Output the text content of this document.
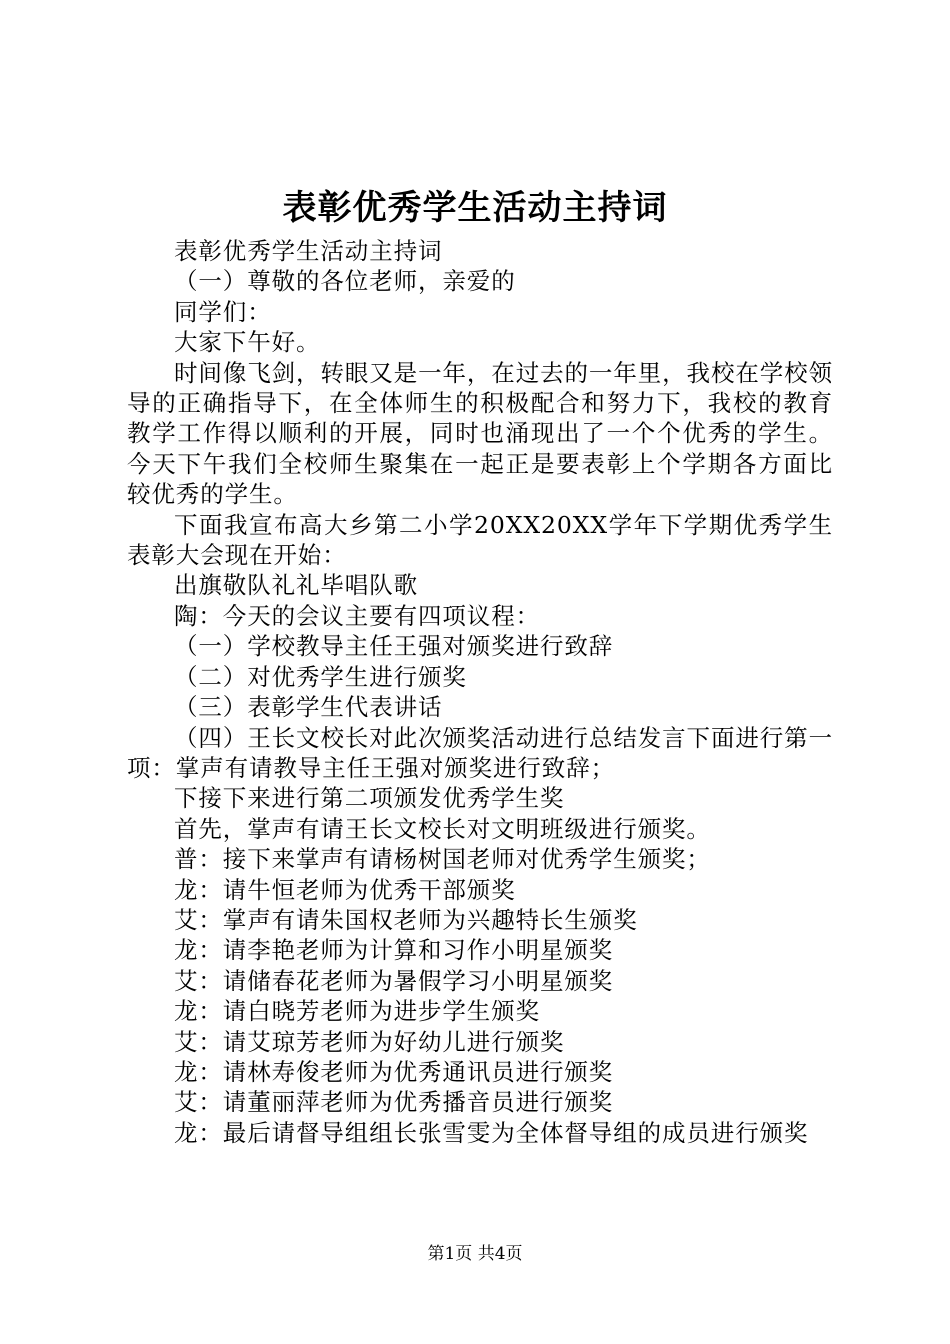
表彰优秀学生活动主持词

表彰优秀学生活动主持词

（一）尊敬的各位老师，亲爱的

同学们：

大家下午好。

时间像飞剑，转眼又是一年，在过去的一年里，我校在学校领导的正确指导下，在全体师生的积极配合和努力下，我校的教育教学工作得以顺利的开展，同时也涌现出了一个个优秀的学生。今天下午我们全校师生聚集在一起正是要表彰上个学期各方面比较优秀的学生。

下面我宣布高大乡第二小学20XX20XX学年下学期优秀学生表彰大会现在开始：

出旗敬队礼礼毕唱队歌

陶：今天的会议主要有四项议程：

（一）学校教导主任王强对颁奖进行致辞

（二）对优秀学生进行颁奖

（三）表彰学生代表讲话

（四）王长文校长对此次颁奖活动进行总结发言下面进行第一项：掌声有请教导主任王强对颁奖进行致辞；

下接下来进行第二项颁发优秀学生奖

首先，掌声有请王长文校长对文明班级进行颁奖。

普：接下来掌声有请杨树国老师对优秀学生颁奖；

龙：请牛恒老师为优秀干部颁奖

艾：掌声有请朱国权老师为兴趣特长生颁奖

龙：请李艳老师为计算和习作小明星颁奖

艾：请储春花老师为暑假学习小明星颁奖

龙：请白晓芳老师为进步学生颁奖

艾：请艾琼芳老师为好幼儿进行颁奖

龙：请林寿俊老师为优秀通讯员进行颁奖

艾：请董丽萍老师为优秀播音员进行颁奖

龙：最后请督导组组长张雪雯为全体督导组的成员进行颁奖

第1页 共4页
